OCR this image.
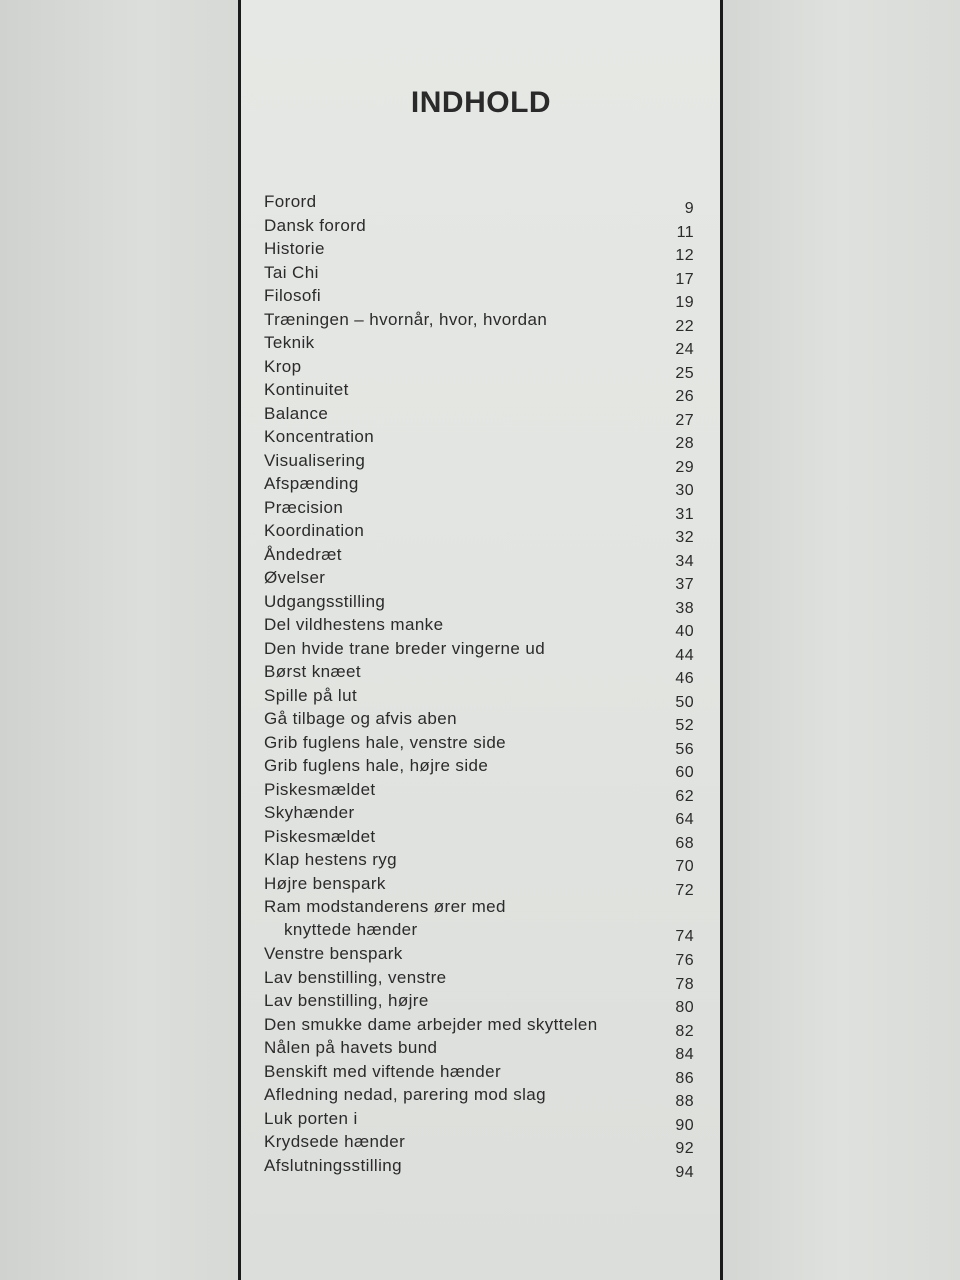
INDHOLD
Forord	9
Dansk forord	11
Historie	12
Tai Chi	17
Filosofi	19
Træningen – hvornår, hvor, hvordan	22
Teknik	24
Krop	25
Kontinuitet	26
Balance	27
Koncentration	28
Visualisering	29
Afspænding	30
Præcision	31
Koordination	32
Åndedræt	34
Øvelser	37
Udgangsstilling	38
Del vildhestens manke	40
Den hvide trane breder vingerne ud	44
Børst knæet	46
Spille på lut	50
Gå tilbage og afvis aben	52
Grib fuglens hale, venstre side	56
Grib fuglens hale, højre side	60
Piskesmældet	62
Skyhænder	64
Piskesmældet	68
Klap hestens ryg	70
Højre benspark	72
Ram modstanderens ører med
knyttede hænder	74
Venstre benspark	76
Lav benstilling, venstre	78
Lav benstilling, højre	80
Den smukke dame arbejder med skyttelen	82
Nålen på havets bund	84
Benskift med viftende hænder	86
Afledning nedad, parering mod slag	88
Luk porten i	90
Krydsede hænder	92
Afslutningsstilling	94
